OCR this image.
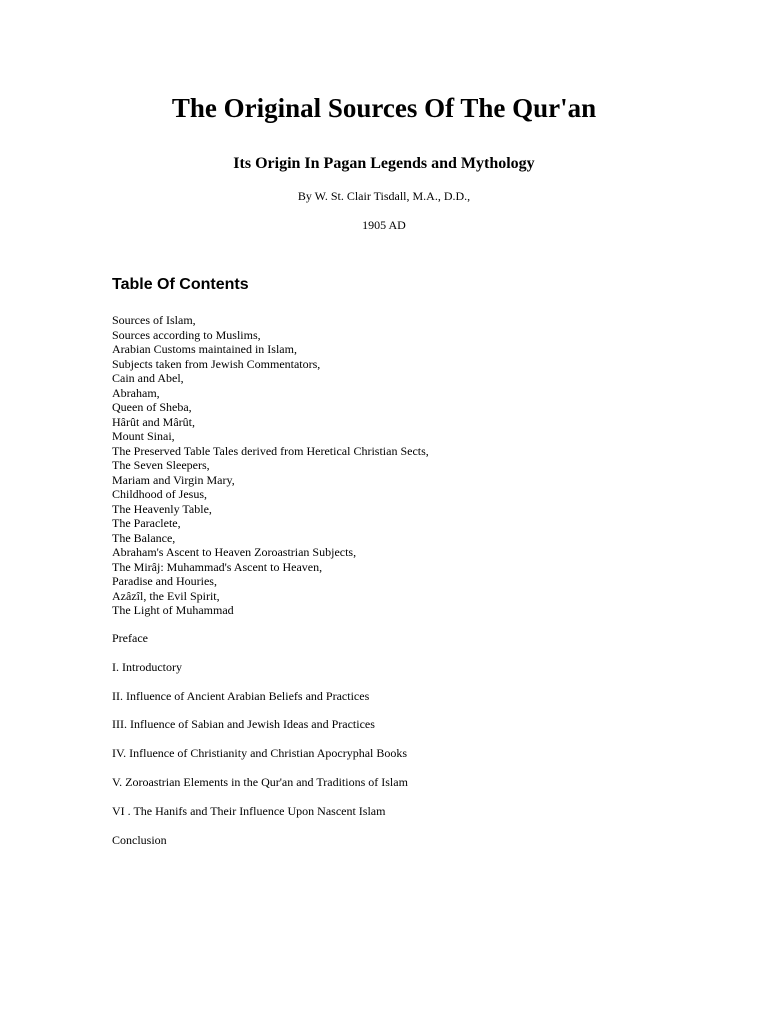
The Original Sources Of The Qur'an
Its Origin In Pagan Legends and Mythology

By W. St. Clair Tisdall, M.A., D.D.,

1905 AD

Table Of Contents
Sources of Islam,
Sources according to Muslims,
Arabian Customs maintained in Islam,
Subjects taken from Jewish Commentators,
Cain and Abel,
Abraham,
Queen of Sheba,
Hârût and Mârût,
Mount Sinai,
The Preserved Table Tales derived from Heretical Christian Sects,
The Seven Sleepers,
Mariam and Virgin Mary,
Childhood of Jesus,
The Heavenly Table,
The Paraclete,
The Balance,
Abraham's Ascent to Heaven Zoroastrian Subjects,
The Mirâj: Muhammad's Ascent to Heaven,
Paradise and Houries,
Azâzîl, the Evil Spirit,
The Light of Muhammad
Preface
I. Introductory
II. Influence of Ancient Arabian Beliefs and Practices
III. Influence of Sabian and Jewish Ideas and Practices
IV. Influence of Christianity and Christian Apocryphal Books
V. Zoroastrian Elements in the Qur'an and Traditions of Islam
VI . The Hanifs and Their Influence Upon Nascent Islam
Conclusion
